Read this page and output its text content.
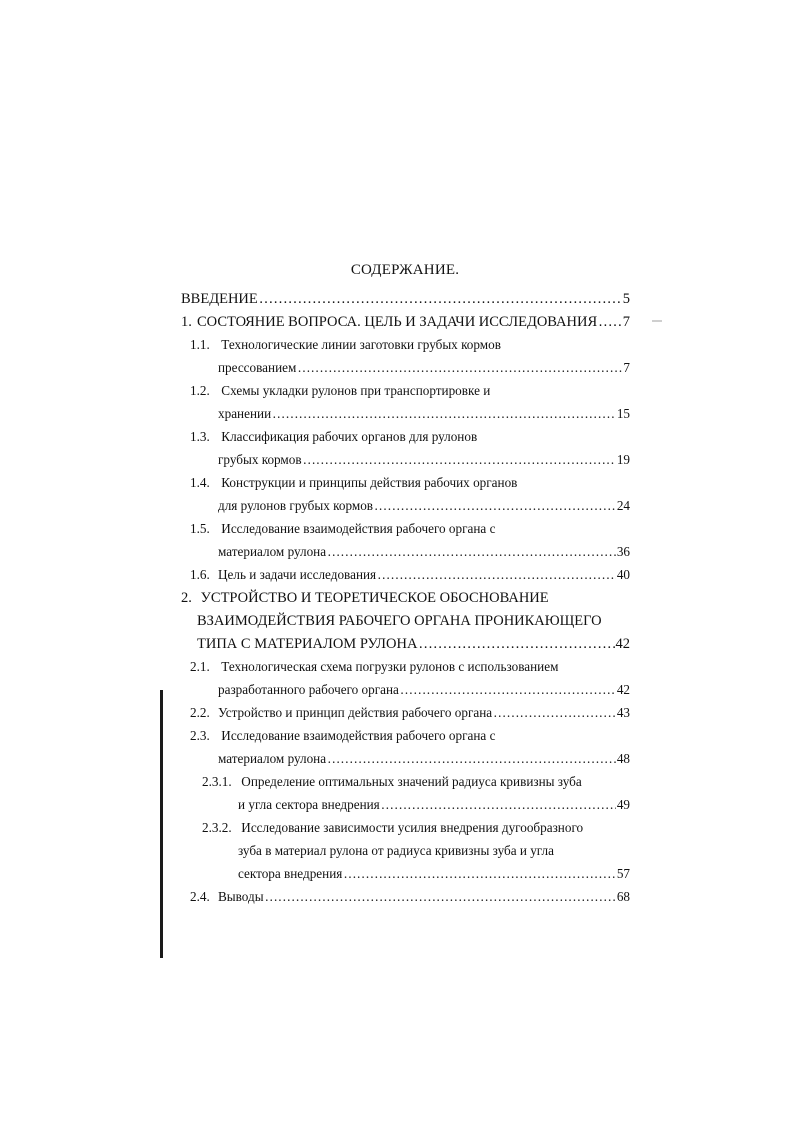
СОДЕРЖАНИЕ.
ВВЕДЕНИЕ ………………………………………………………………………………………………………………………………………………………………	5
1. СОСТОЯНИЕ ВОПРОСА. ЦЕЛЬ И ЗАДАЧИ ИССЛЕДОВАНИЯ ……………………………………………………………………………………………………………………………………………………………… 7
1.1. Технологические линии заготовки грубых кормов
прессованием ………………………………………………………………………………………………………………………………………………………………	7
1.2. Схемы укладки рулонов при транспортировке и
хранении ………………………………………………………………………………………………………………………………………………………………	15
1.3. Классификация рабочих органов для рулонов
грубых кормов ………………………………………………………………………………………………………………………………………………………………	19
1.4. Конструкции и принципы действия рабочих органов
для рулонов грубых кормов ………………………………………………………………………………………………………………………………………………………………	24
1.5. Исследование взаимодействия рабочего органа с
материалом рулона ………………………………………………………………………………………………………………………………………………………………	36
1.6. Цель и задачи исследования ………………………………………………………………………………………………………………………………………………………………	40
2. УСТРОЙСТВО И ТЕОРЕТИЧЕСКОЕ ОБОСНОВАНИЕ
ВЗАИМОДЕЙСТВИЯ РАБОЧЕГО ОРГАНА ПРОНИКАЮЩЕГО
ТИПА С МАТЕРИАЛОМ РУЛОНА ………………………………………………………………………………………………………………………………………………………………	42
2.1. Технологическая схема погрузки рулонов с использованием
разработанного рабочего органа ………………………………………………………………………………………………………………………………………………………………	42
2.2. Устройство и принцип действия рабочего органа ………………………………………………………………………………………………………………………………………………………………	43
2.3. Исследование взаимодействия рабочего органа с
материалом рулона ………………………………………………………………………………………………………………………………………………………………	48
2.3.1. Определение оптимальных значений радиуса кривизны зуба
и угла сектора внедрения ………………………………………………………………………………………………………………………………………………………………	49
2.3.2. Исследование зависимости усилия внедрения дугообразного
зуба в материал рулона от радиуса кривизны зуба и угла
сектора внедрения ………………………………………………………………………………………………………………………………………………………………	57
2.4. Выводы ………………………………………………………………………………………………………………………………………………………………	68
